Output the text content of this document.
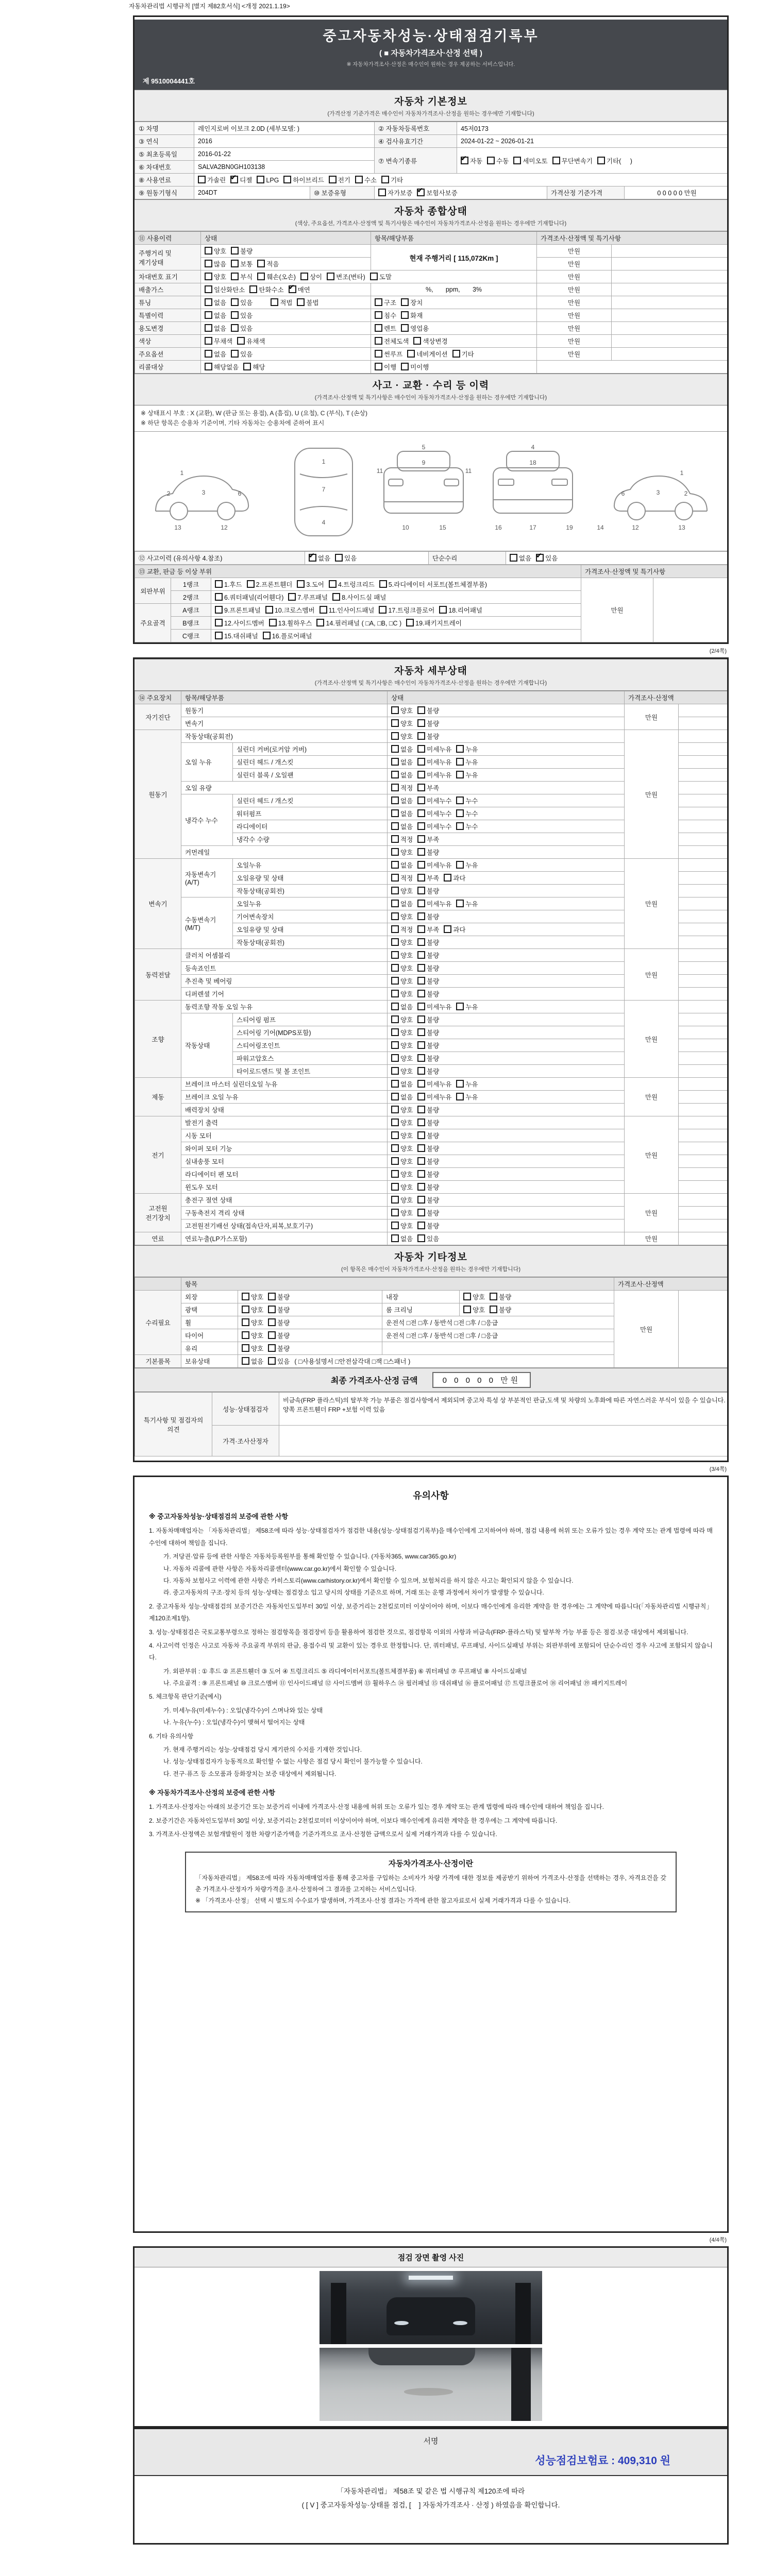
자동차관리법 시행규칙 [별지 제82호서식] <개정 2021.1.19>
중고자동차성능·상태점검기록부
( ■ 자동차가격조사·산정 선택 )
※ 자동차가격조사·산정은 매수인이 원하는 경우 제공하는 서비스입니다.
제 9510004441호
자동차 기본정보

(가격산정 기준가격은 매수인이 자동차가격조사·산정을 원하는 경우에만 기재합니다)

① 차명	레인지로버 이보크 2.0D (세부모델: )		② 자동차등록번호	45저0173		
③ 연식	2016		④ 검사유효기간	2024-01-22 ~ 2026-01-21		
⑤ 최초등록일	2016-01-22		⑦ 변속기종류	✔자동 수동 세미오토 무단변속기 기타(     )
⑥ 차대번호	SALVA2BN0GH103138					
⑧ 사용연료	가솔린 ✔ 디젤 LPG 하이브리드 전기 수소 기타
⑨ 원동기형식	204DT	⑩ 보증유형	자가보증 ✔ 보험사보증		가격산정 기준가격	0 0 0 0 0 만원
자동차 종합상태

(색상, 주요옵션, 가격조사·산정액 및 특기사항은 매수인이 자동차가격조사·산정을 원하는 경우에만 기재합니다)

⑪ 사용이력	상태	항목/해당부품	가격조사·산정액 및 특기사항	
주행거리 및 계기상태	양호 불량	현재 주행거리 [ 115,072Km ]	만원	
	많음 보통 적음		만원	
차대번호 표기	양호 부식 훼손(오손) 상이 변조(변타) 도말		만원	
배출가스	일산화탄소 탄화수소 ✔ 매연	%,       ppm,       3%	만원	
튜닝	없음 있음 적법 불법	구조 장치	만원	
특별이력	없음 있음	침수 화재	만원	
용도변경	없음 있음	렌트 영업용	만원	
색상	무채색 유채색	전체도색 색상변경	만원	
주요옵션	없음 있음	썬루프 네비게이션 기타	만원	
리콜대상	해당없음 해당	이행 미이행		
사고 · 교환 · 수리 등 이력

(가격조사·산정액 및 특기사항은 매수인이 자동차가격조사·산정을 원하는 경우에만 기재합니다)

※ 상태표시 부호 : X (교환), W (판금 또는 용접), A (흠집), U (요철), C (부식), T (손상)
※ 하단 항목은 승용차 기준이며, 기타 자동차는 승용차에 준하여 표시
1
2	3	6
13	12
1
7
4
5
9
11	11
10	15
4
18
16	17	19
1
2
3
6
13
12
14
⑫ 사고이력 (유의사항 4.참조)	✔없음 있음	단순수리	없음 ✔ 있음
⑬ 교환, 판금 등 이상 부위			가격조사·산정액 및 특기사항	
외판부위	1랭크	1.후드 2.프론트휀더 3.도어 4.트렁크리드 5.라디에이터 서포트(볼트체결부품)	만원	
	2랭크	6.쿼터패널(리어휀다) 7.루프패널 8.사이드실 패널		
주요골격	A랭크	9.프론트패널 10.크로스멤버 11.인사이드패널 17.트렁크플로어 18.리어패널		
	B랭크	12.사이드멤버 13.휠하우스 14.필러패널 ( □A, □B, □C ) 19.패키지트레이		
	C랭크	15.대쉬패널 16.플로어패널		
(2/4쪽)
자동차 세부상태

(가격조사·산정액 및 특기사항은 매수인이 자동차가격조사·산정을 원하는 경우에만 기재합니다)

⑭ 주요장치	항목/해당부품		상태	가격조사·산정액	
자기진단	원동기		양호 불량	만원	
	변속기		양호 불량		
원동기	작동상태(공회전)		양호 불량	만원	
	오일 누유	실린더 커버(로커암 커버)	없음 미세누유 누유		
		실린더 헤드 / 개스킷	없음 미세누유 누유		
		실린더 블록 / 오일팬	없음 미세누유 누유		
	오일 유량		적정 부족		
	냉각수 누수	실린더 헤드 / 개스킷	없음 미세누수 누수		
		워터펌프	없음 미세누수 누수		
		라디에이터	없음 미세누수 누수		
		냉각수 수량	적정 부족		
	커먼레일		양호 불량		
변속기	자동변속기 (A/T)	오일누유	없음 미세누유 누유	만원	
		오일유량 및 상태	적정 부족 과다		
		작동상태(공회전)	양호 불량		
	수동변속기 (M/T)	오일누유	없음 미세누유 누유		
		기어변속장치	양호 불량		
		오일유량 및 상태	적정 부족 과다		
		작동상태(공회전)	양호 불량		
동력전달	클러치 어셈블리		양호 불량	만원	
	등속죠인트		양호 불량		
	추진축 및 베어링		양호 불량		
	디퍼렌셜 기어		양호 불량		
조향	동력조향 작동 오일 누유		없음 미세누유 누유	만원	
	작동상태	스티어링 펌프	양호 불량		
		스티어링 기어(MDPS포함)	양호 불량		
		스티어링조인트	양호 불량		
		파워고압호스	양호 불량		
		타이로드엔드 및 볼 조인트	양호 불량		
제동	브레이크 마스터 실린더오일 누유		없음 미세누유 누유	만원	
	브레이크 오일 누유		없음 미세누유 누유		
	배력장치 상태		양호 불량		
전기	발전기 출력		양호 불량	만원	
	시동 모터		양호 불량		
	와이퍼 모터 기능		양호 불량		
	실내송풍 모터		양호 불량		
	라디에이터 팬 모터		양호 불량		
	윈도우 모터		양호 불량		
고전원 전기장치	충전구 절연 상태		양호 불량	만원	
	구동축전지 격리 상태		양호 불량		
	고전원전기배선 상태(접속단자,피복,보호기구)		양호 불량		
연료	연료누출(LP가스포함)		없음 있음	만원	
자동차 기타정보

(이 항목은 매수인이 자동차가격조사·산정을 원하는 경우에만 기재합니다)

	항목				가격조사·산정액	
수리필요	외장	양호 불량	내장	양호 불량	만원	
	광택	양호 불량	룸 크리닝	양호 불량		
	휠	양호 불량	운전석 □전 □후 / 동반석 □전 □후 / □응급			
	타이어	양호 불량	운전석 □전 □후 / 동반석 □전 □후 / □응급			
	유리	양호 불량				
기본품목	보유상태	없음 있음 ( □사용설명서 □안전삼각대 □잭 □스패너 )				
최종 가격조사·산정 금액	0 0 0 0 0 만원
특기사항 및 점검자의 의견	성능·상태점검자	비금속(FRP 플라스틱)의 탈부착 가능 부품은 점검사항에서 제외되며 중고차 특성 상 부분적인 판금,도색 및 차량의 노후화에 따른 자연스러운 부식이 있을 수 있습니다. 양쪽 프론트휀더 FRP +보험 이력 있음
	가격·조사산정자	
(3/4쪽)
유의사항
※ 중고자동차성능·상태점검의 보증에 관한 사항
1. 자동차매매업자는 「자동차관리법」 제58조에 따라 성능·상태점검자가 점검한 내용(성능·상태점검기록부)을 매수인에게 고지하여야 하며, 점검 내용에 허위 또는 오류가 있는 경우 계약 또는 관계 법령에 따라 매수인에 대하여 책임을 집니다.
가. 저당권·압류 등에 관한 사항은 자동차등록원부를 통해 확인할 수 있습니다. (자동차365, www.car365.go.kr)
나. 자동차 리콜에 관한 사항은 자동차리콜센터(www.car.go.kr)에서 확인할 수 있습니다.
다. 자동차 보험사고 이력에 관한 사항은 카히스토리(www.carhistory.or.kr)에서 확인할 수 있으며, 보험처리를 하지 않은 사고는 확인되지 않을 수 있습니다.
라. 중고자동차의 구조·장치 등의 성능·상태는 점검장소 입고 당시의 상태를 기준으로 하며, 거래 또는 운행 과정에서 차이가 발생할 수 있습니다.
2. 중고자동차 성능·상태점검의 보증기간은 자동차인도일부터 30일 이상, 보증거리는 2천킬로미터 이상이어야 하며, 이보다 매수인에게 유리한 계약을 한 경우에는 그 계약에 따릅니다(「자동차관리법 시행규칙」 제120조제1항).
3. 성능·상태점검은 국토교통부령으로 정하는 점검항목을 점검장비 등을 활용하여 점검한 것으로, 점검항목 이외의 사항과 비금속(FRP·플라스틱) 및 탈부착 가능 부품 등은 점검·보증 대상에서 제외됩니다.
4. 사고이력 인정은 사고로 자동차 주요골격 부위의 판금, 용접수리 및 교환이 있는 경우로 한정합니다. 단, 쿼터패널, 루프패널, 사이드실패널 부위는 외판부위에 포함되어 단순수리인 경우 사고에 포함되지 않습니다.
가. 외판부위 : ① 후드 ② 프론트휀더 ③ 도어 ④ 트렁크리드 ⑤ 라디에이터서포트(볼트체결부품) ⑥ 쿼터패널 ⑦ 루프패널 ⑧ 사이드실패널
나. 주요골격 : ⑨ 프론트패널 ⑩ 크로스멤버 ⑪ 인사이드패널 ⑫ 사이드멤버 ⑬ 휠하우스 ⑭ 필러패널 ⑮ 대쉬패널 ⑯ 플로어패널 ⑰ 트렁크플로어 ⑱ 리어패널 ⑲ 패키지트레이
5. 체크항목 판단기준(예시)
가. 미세누유(미세누수) : 오일(냉각수)이 스며나와 있는 상태
나. 누유(누수) : 오일(냉각수)이 맺혀서 떨어지는 상태
6. 기타 유의사항
가. 현재 주행거리는 성능·상태점검 당시 계기판의 수치를 기재한 것입니다.
나. 성능·상태점검자가 능동적으로 확인할 수 없는 사항은 점검 당시 확인이 불가능할 수 있습니다.
다. 전구·퓨즈 등 소모품과 등화장치는 보증 대상에서 제외됩니다.
※ 자동차가격조사·산정의 보증에 관한 사항
1. 가격조사·산정자는 아래의 보증기간 또는 보증거리 이내에 가격조사·산정 내용에 허위 또는 오류가 있는 경우 계약 또는 관계 법령에 따라 매수인에 대하여 책임을 집니다.
2. 보증기간은 자동차인도일부터 30일 이상, 보증거리는 2천킬로미터 이상이어야 하며, 이보다 매수인에게 유리한 계약을 한 경우에는 그 계약에 따릅니다.
3. 가격조사·산정액은 보험개발원이 정한 차량기준가액을 기준가격으로 조사·산정한 금액으로서 실제 거래가격과 다를 수 있습니다.
자동차가격조사·산정이란
「자동차관리법」 제58조에 따라 자동차매매업자를 통해 중고차를 구입하는 소비자가 차량 가격에 대한 정보를 제공받기 위하여 가격조사·산정을 선택하는 경우, 자격요건을 갖춘 가격조사·산정자가 차량가격을 조사·산정하여 그 결과를 고지하는 서비스입니다.
※ 「가격조사·산정」 선택 시 별도의 수수료가 발생하며, 가격조사·산정 결과는 가격에 관한 참고자료로서 실제 거래가격과 다를 수 있습니다.
(4/4쪽)
점검 장면 촬영 사진
서명
성능점검보험료 : 409,310 원
「자동차관리법」 제58조 및 같은 법 시행규칙 제120조에 따라
( [ V ] 중고자동차성능·상태를 점검, [    ] 자동차가격조사 · 산정 ) 하였음을 확인합니다.
